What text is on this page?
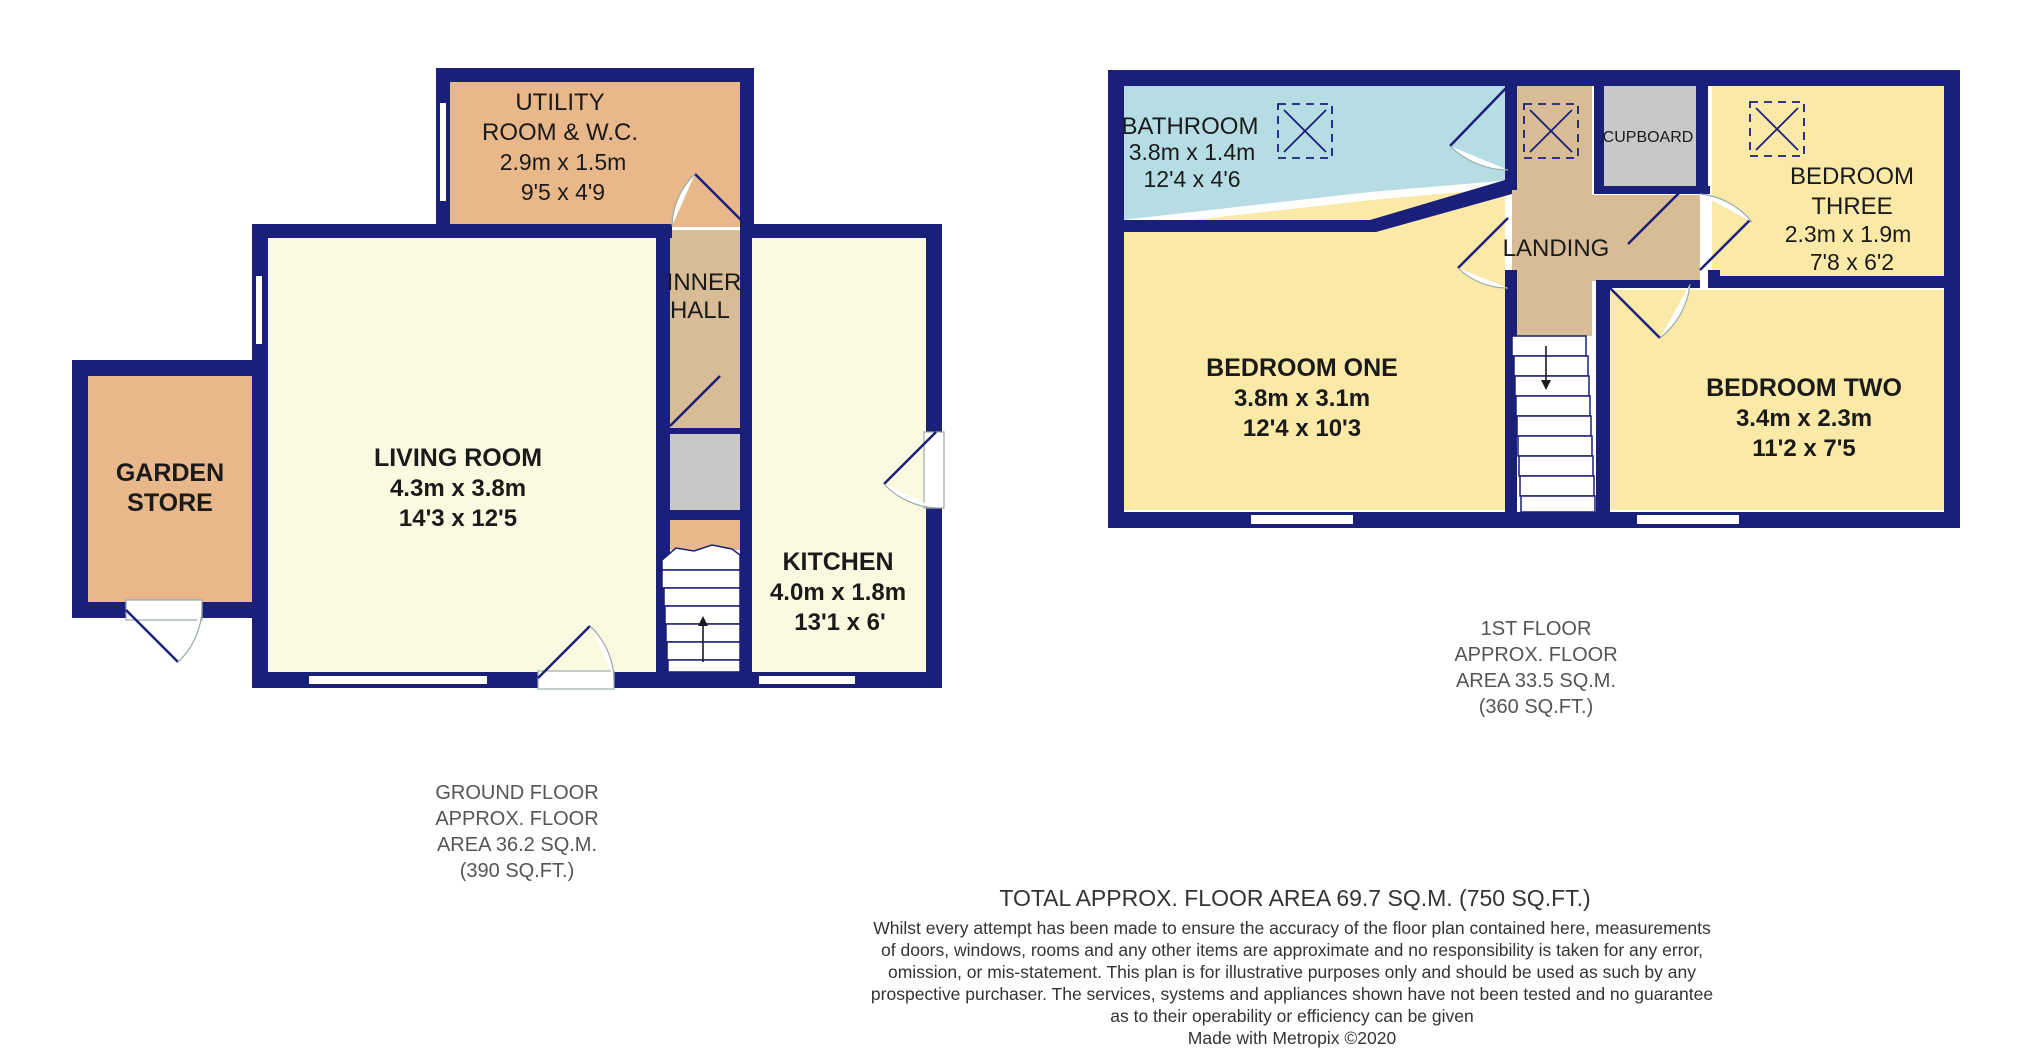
UTILITY
ROOM & W.C.
2.9m x 1.5m
9'5 x 4'9
INNER
HALL
LIVING ROOM
4.3m x 3.8m
14'3 x 12'5
KITCHEN
4.0m x 1.8m
13'1 x 6'
GARDEN
STORE
GROUND FLOOR
APPROX. FLOOR
AREA 36.2 SQ.M.
(390 SQ.FT.)
BATHROOM
3.8m x 1.4m
12'4 x 4'6
CUPBOARD
LANDING
BEDROOM ONE
3.8m x 3.1m
12'4 x 10'3
BEDROOM TWO
3.4m x 2.3m
11'2 x 7'5
BEDROOM
THREE
2.3m x 1.9m
7'8 x 6'2
1ST FLOOR
APPROX. FLOOR
AREA 33.5 SQ.M.
(360 SQ.FT.)
TOTAL APPROX. FLOOR AREA 69.7 SQ.M. (750 SQ.FT.)
Whilst every attempt has been made to ensure the accuracy of the floor plan contained here, measurements
of doors, windows, rooms and any other items are approximate and no responsibility is taken for any error,
omission, or mis-statement. This plan is for illustrative purposes only and should be used as such by any
prospective purchaser. The services, systems and appliances shown have not been tested and no guarantee
as to their operability or efficiency can be given
Made with Metropix ©2020
